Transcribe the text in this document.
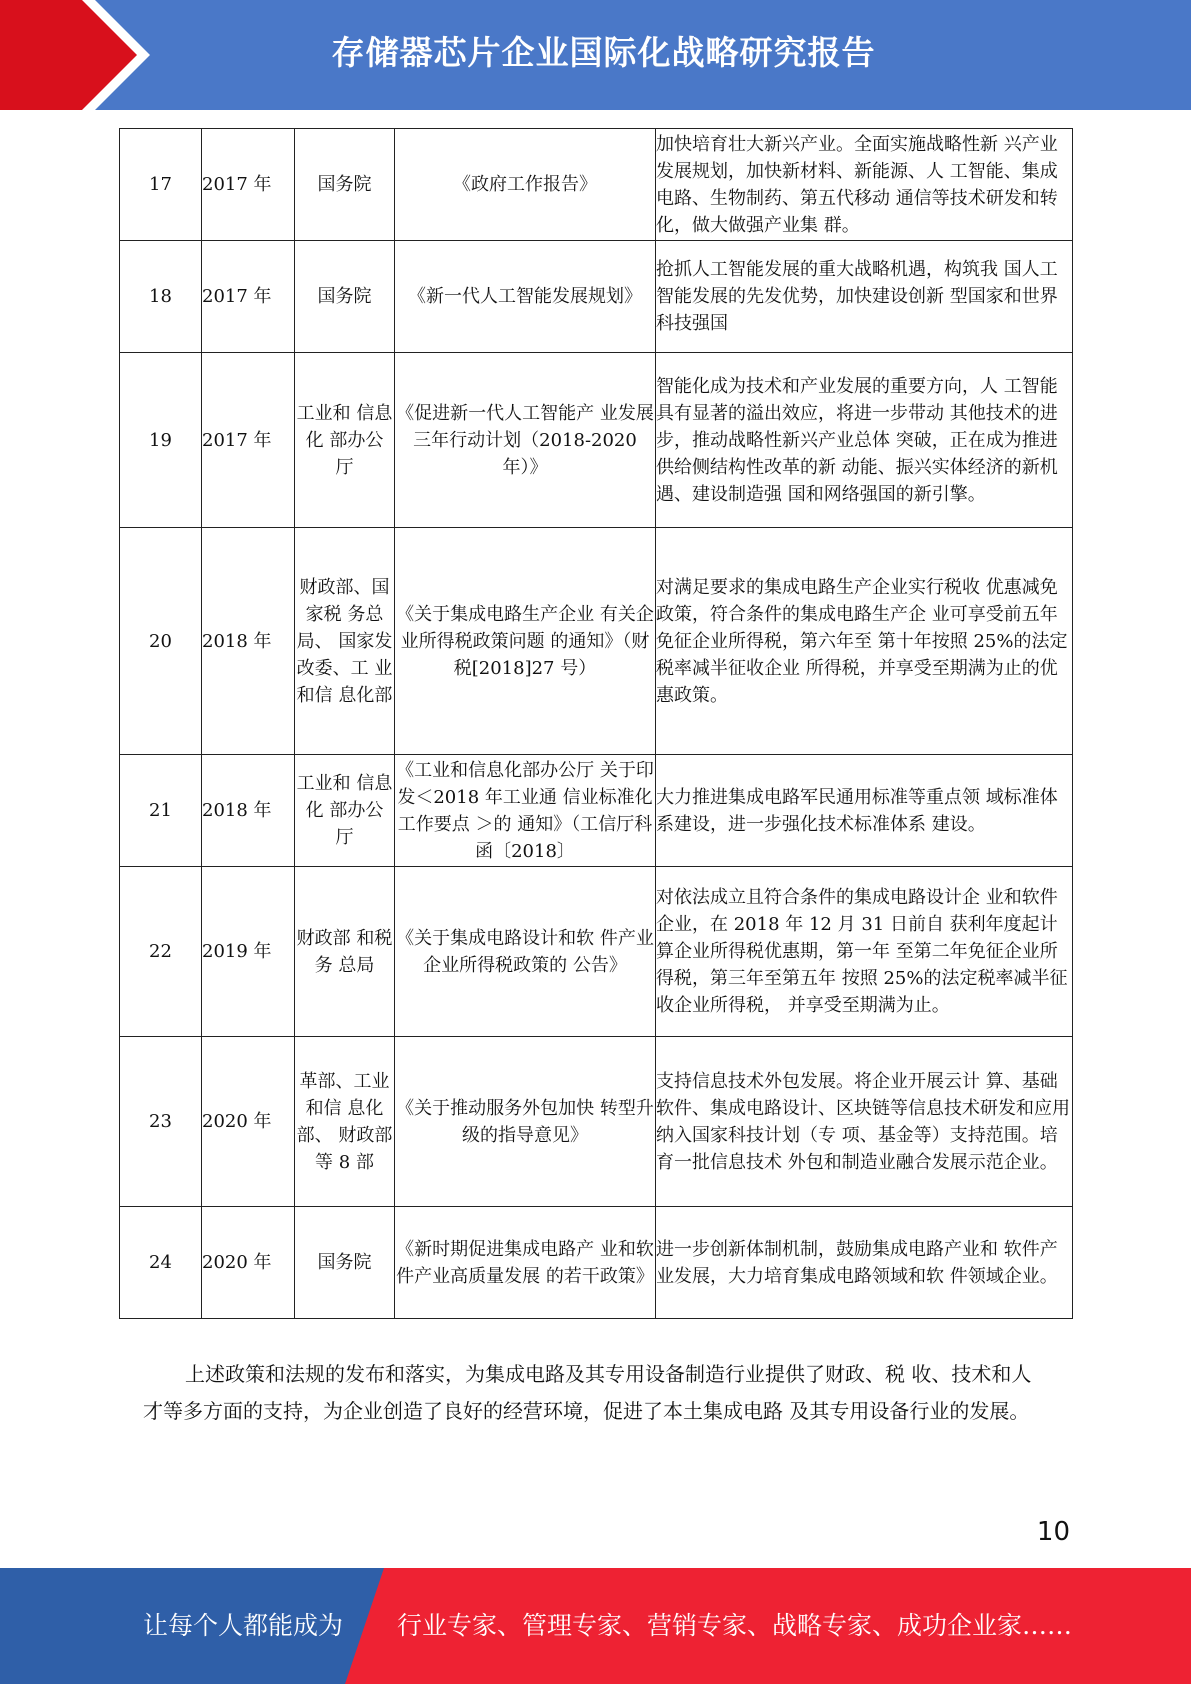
存储器芯片企业国际化战略研究报告
17	2017 年	国务院	《政府工作报告》	加快培育壮大新兴产业。全面实施战略性新 兴产业发展规划，加快新材料、新能源、人 工智能、集成电路、生物制药、第五代移动 通信等技术研发和转化，做大做强产业集 群。
18	2017 年	国务院	《新一代人工智能发展规划》	抢抓人工智能发展的重大战略机遇，构筑我 国人工智能发展的先发优势，加快建设创新 型国家和世界科技强国
19	2017 年	工业和 信息化 部办公 厅	《促进新一代人工智能产 业发展三年行动计划（2018-2020 年）》	智能化成为技术和产业发展的重要方向，人 工智能具有显著的溢出效应，将进一步带动 其他技术的进步，推动战略性新兴产业总体 突破，正在成为推进供给侧结构性改革的新 动能、振兴实体经济的新机遇、建设制造强 国和网络强国的新引擎。
20	2018 年	财政部、国家税 务总局、 国家发 改委、工 业和信 息化部	《关于集成电路生产企业 有关企业所得税政策问题 的通知》（财税[2018]27 号）	对满足要求的集成电路生产企业实行税收 优惠减免政策，符合条件的集成电路生产企 业可享受前五年免征企业所得税，第六年至 第十年按照 25%的法定税率减半征收企业 所得税，并享受至期满为止的优惠政策。
21	2018 年	工业和 信息化 部办公 厅	《工业和信息化部办公厅 关于印发＜2018 年工业通 信业标准化工作要点 ＞的 通知》（工信厅科函〔2018〕	大力推进集成电路军民通用标准等重点领 域标准体系建设，进一步强化技术标准体系 建设。
22	2019 年	财政部 和税务 总局	《关于集成电路设计和软 件产业企业所得税政策的 公告》	对依法成立且符合条件的集成电路设计企 业和软件企业，在 2018 年 12 月 31 日前自 获利年度起计算企业所得税优惠期，第一年 至第二年免征企业所得税，第三年至第五年 按照 25%的法定税率减半征收企业所得税， 并享受至期满为止。
23	2020 年	革部、工业和信 息化部、 财政部 等 8 部	《关于推动服务外包加快 转型升级的指导意见》	支持信息技术外包发展。将企业开展云计 算、基础软件、集成电路设计、区块链等信息技术研发和应用纳入国家科技计划（专 项、基金等）支持范围。培育一批信息技术 外包和制造业融合发展示范企业。
24	2020 年	国务院	《新时期促进集成电路产 业和软件产业高质量发展 的若干政策》	进一步创新体制机制，鼓励集成电路产业和 软件产业发展，大力培育集成电路领域和软 件领域企业。

上述政策和法规的发布和落实，为集成电路及其专用设备制造行业提供了财政、税 收、技术和人才等多方面的支持，为企业创造了良好的经营环境，促进了本土集成电路 及其专用设备行业的发展。

10
让每个人都能成为 行业专家、管理专家、营销专家、战略专家、成功企业家……
